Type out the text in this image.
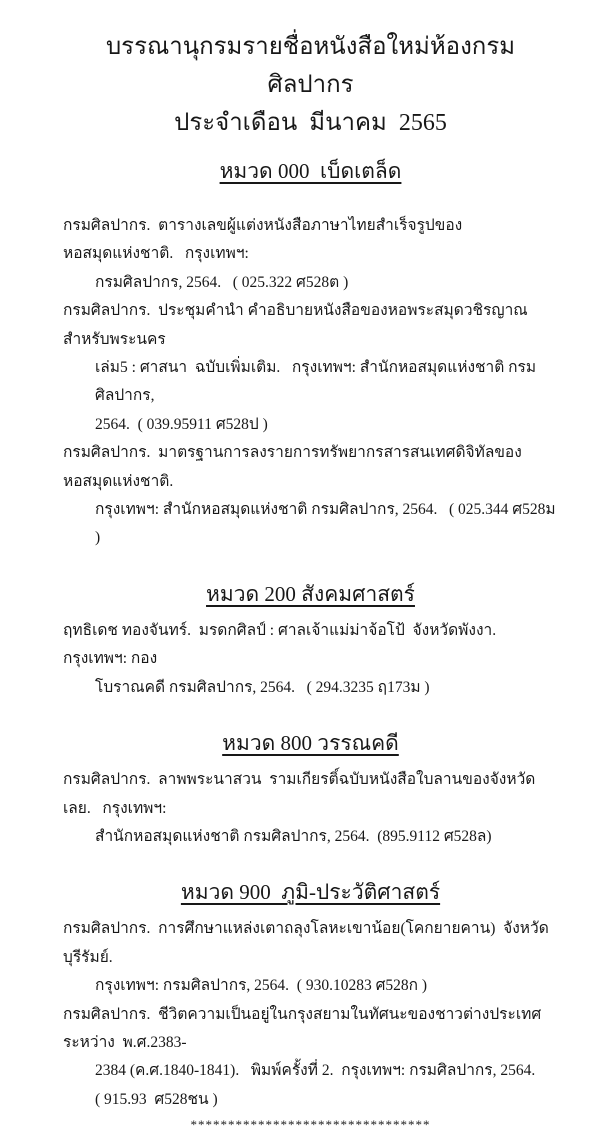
บรรณานุกรมรายชื่อหนังสือใหม่ห้องกรมศิลปากร
ประจำเดือน  มีนาคม  2565
หมวด 000  เบ็ดเตล็ด
กรมศิลปากร.  ตารางเลขผู้แต่งหนังสือภาษาไทยสำเร็จรูปของหอสมุดแห่งชาติ.   กรุงเทพฯ:
กรมศิลปากร, 2564.   ( 025.322 ศ528ต )
กรมศิลปากร.  ประชุมคำนำ คำอธิบายหนังสือของหอพระสมุดวชิรญาณสำหรับพระนคร
เล่ม5 : ศาสนา  ฉบับเพิ่มเติม.   กรุงเทพฯ: สำนักหอสมุดแห่งชาติ กรมศิลปากร,
2564.  ( 039.95911 ศ528ป )
กรมศิลปากร.  มาตรฐานการลงรายการทรัพยากรสารสนเทศดิจิทัลของหอสมุดแห่งชาติ.
กรุงเทพฯ: สำนักหอสมุดแห่งชาติ กรมศิลปากร, 2564.   ( 025.344 ศ528ม )
หมวด 200 สังคมศาสตร์
ฤทธิเดช ทองจันทร์.  มรดกศิลป์ : ศาลเจ้าแม่ม่าจ้อโป้  จังหวัดพังงา.  กรุงเทพฯ: กอง
โบราณคดี กรมศิลปากร, 2564.   ( 294.3235 ฤ173ม )
หมวด 800 วรรณคดี
กรมศิลปากร.  ลาพพระนาสวน  รามเกียรติ์ฉบับหนังสือใบลานของจังหวัดเลย.   กรุงเทพฯ:
สำนักหอสมุดแห่งชาติ กรมศิลปากร, 2564.  (895.9112 ศ528ล)
หมวด 900  ภูมิ-ประวัติศาสตร์
กรมศิลปากร.  การศึกษาแหล่งเตาถลุงโลหะเขาน้อย(โคกยายคาน)  จังหวัดบุรีรัมย์.
กรุงเทพฯ: กรมศิลปากร, 2564.  ( 930.10283 ศ528ก )
กรมศิลปากร.  ชีวิตความเป็นอยู่ในกรุงสยามในทัศนะของชาวต่างประเทศ  ระหว่าง  พ.ศ.2383-
2384 (ค.ศ.1840-1841).   พิมพ์ครั้งที่ 2.  กรุงเทพฯ: กรมศิลปากร, 2564.
( 915.93  ศ528ชน )
********************************
